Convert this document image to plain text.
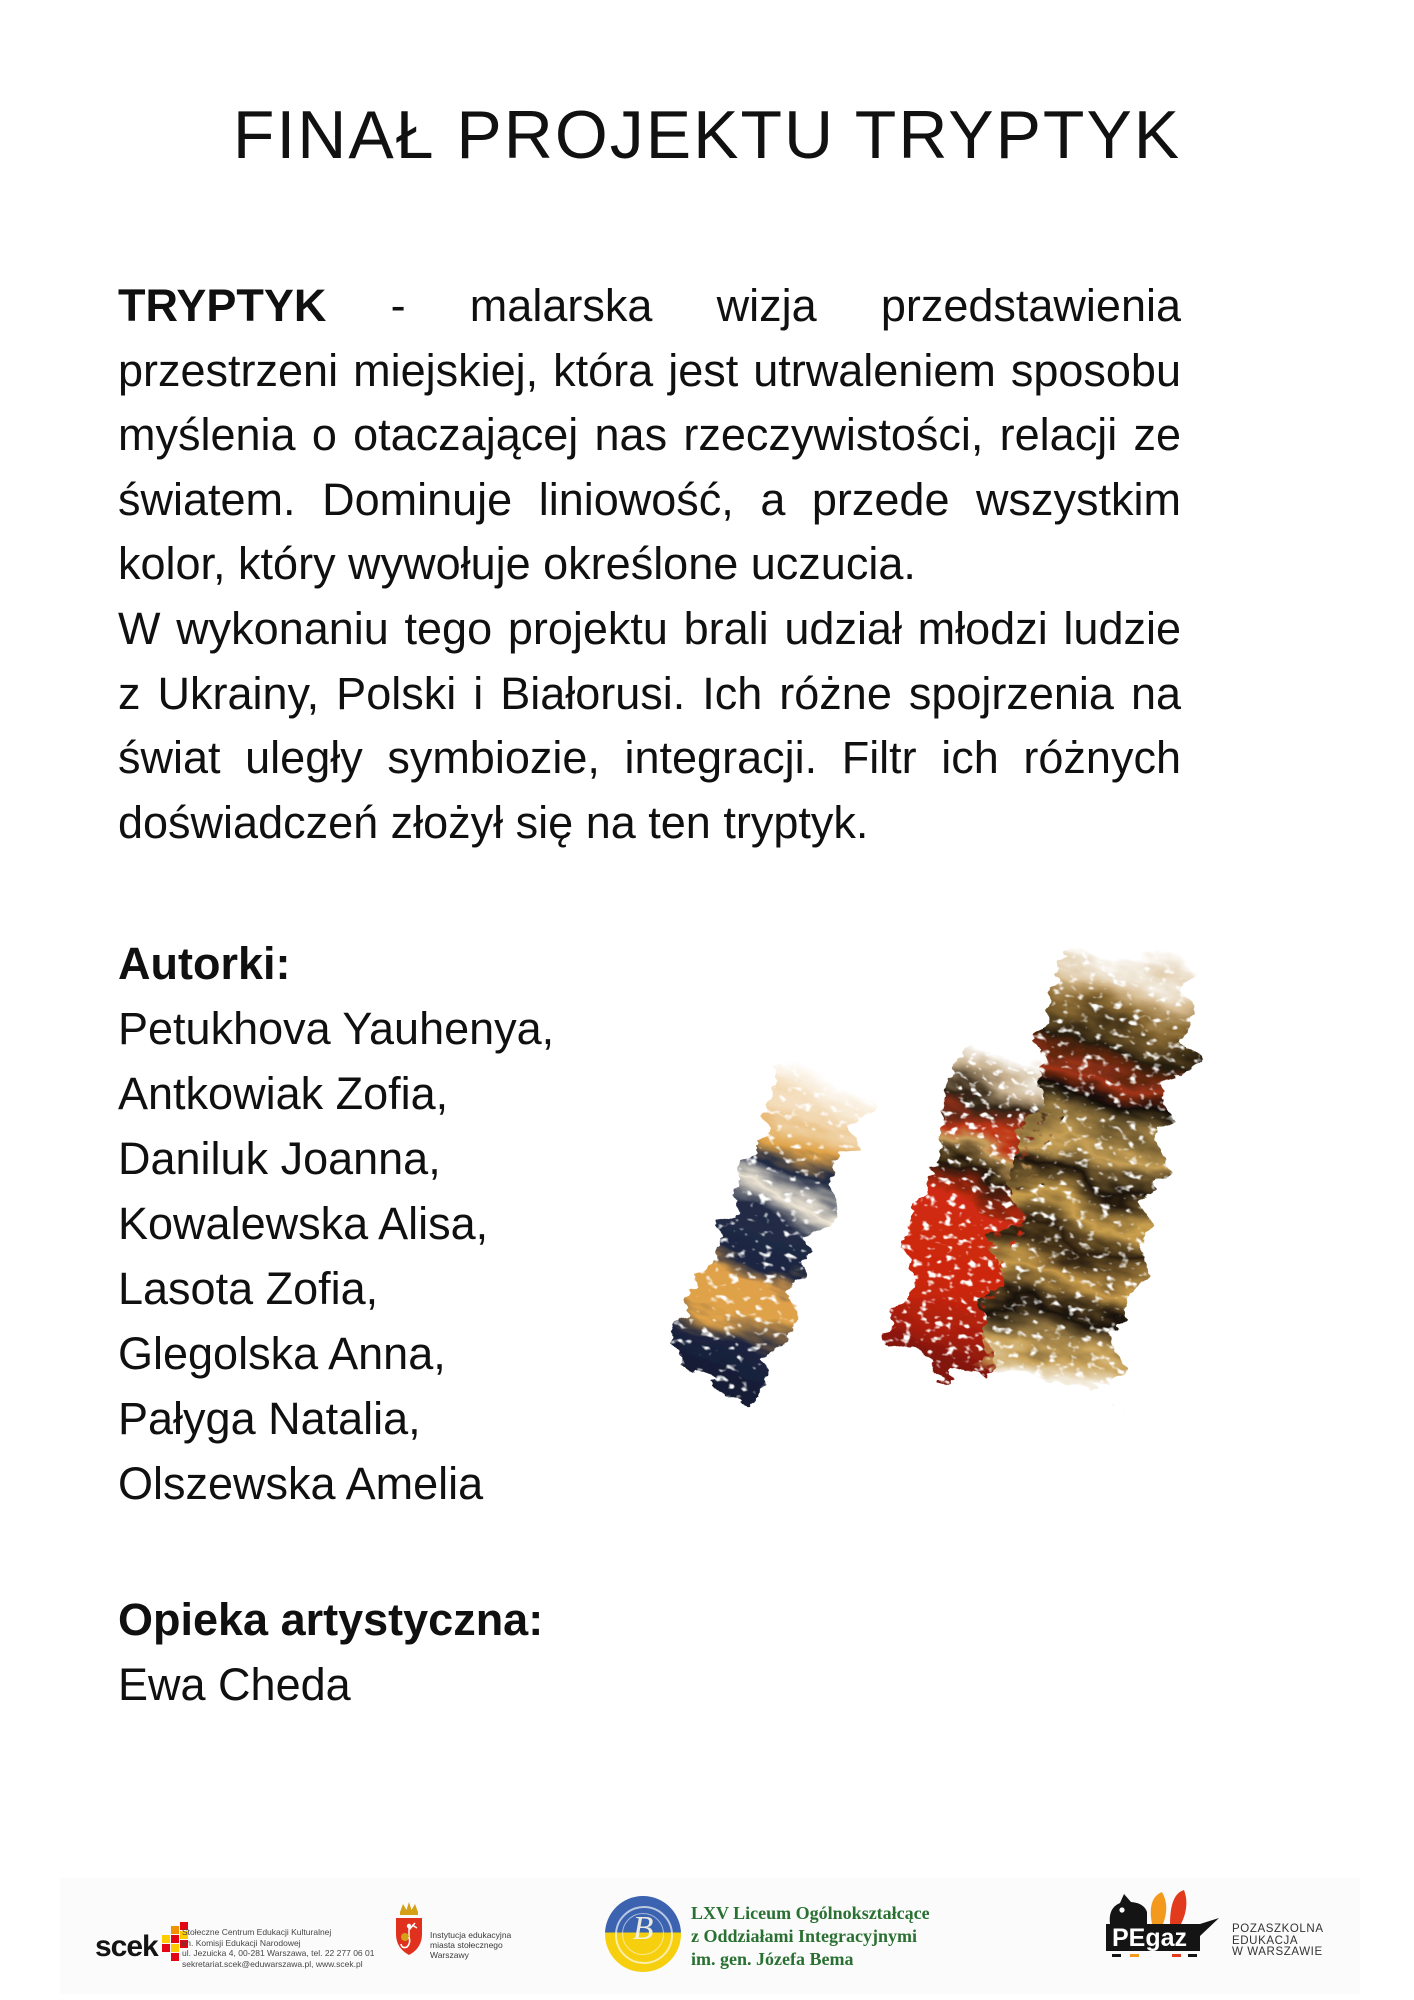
FINAŁ PROJEKTU TRYPTYK
TRYPTYK - malarska wizja przedstawienia
przestrzeni miejskiej, która jest utrwaleniem sposobu
myślenia o otaczającej nas rzeczywistości, relacji ze
światem. Dominuje liniowość, a przede wszystkim
kolor, który wywołuje określone uczucia.
W wykonaniu tego projektu brali udział młodzi ludzie
z Ukrainy, Polski i Białorusi. Ich różne spojrzenia na
świat uległy symbiozie, integracji. Filtr ich różnych
doświadczeń złożył się na ten tryptyk.
Autorki:
Petukhova Yauhenya,
Antkowiak Zofia,
Daniluk Joanna,
Kowalewska Alisa,
Lasota Zofia,
Glegolska Anna,
Pałyga Natalia,
Olszewska Amelia
Opieka artystyczna:
Ewa Cheda
scek	Stołeczne Centrum Edukacji Kulturalnej
im. Komisji Edukacji Narodowej
ul. Jezuicka 4, 00-281 Warszawa, tel. 22 277 06 01
sekretariat.scek@eduwarszawa.pl, www.scek.pl
Instytucja edukacyjna
miasta stołecznego
Warszawy
B	LXV Liceum Ogólnokształcące
z Oddziałami Integracyjnymi
im. gen. Józefa Bema
PEgaz	POZASZKOLNA
EDUKACJA
W WARSZAWIE
